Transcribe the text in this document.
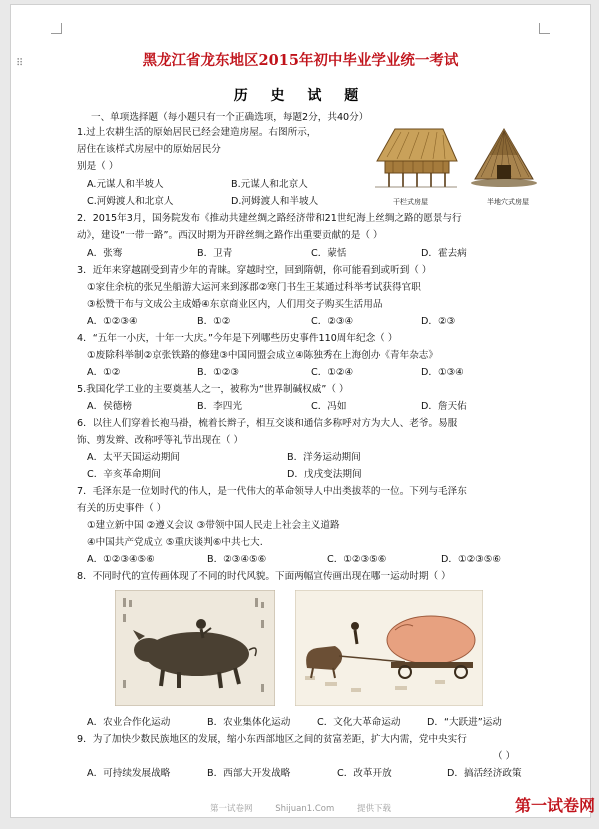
⠿	黑龙江省龙东地区2015年初中毕业学业统一考试
历 史 试 题
一、单项选择题（每小题只有一个正确选项，每题2分，共40分）
1.过上农耕生活的原始居民已经会建造房屋。右图所示，
居住在该样式房屋中的原始居民分
别是（ ）
A.元谋人和半坡人	B.元谋人和北京人
C.河姆渡人和北京人	D.河姆渡人和半坡人	干栏式房屋	半地穴式房屋
2．2015年3月，国务院发布《推动共建丝绸之路经济带和21世纪海上丝绸之路的愿景与行
动》，建设“一带一路”。西汉时期为开辟丝绸之路作出重要贡献的是（ ）
A．张骞	B．卫青	C．蒙恬	D．霍去病
3．近年来穿越剧受到青少年的青睐。穿越时空，回到隋朝，你可能看到或听到（ ）
①家住余杭的张兄坐船游大运河来到涿郡②寒门书生王某通过科举考试获得官职
③松赞干布与文成公主成婚④东京商业区内，人们用交子购买生活用品
A．①②③④	B．①②	C．②③④	D．②③
4．“五年一小庆，十年一大庆。”今年是下列哪些历史事件110周年纪念（ ）
①废除科举制②京张铁路的修建③中国同盟会成立④陈独秀在上海创办《青年杂志》
A．①②	B．①②③	C．①②④	D．①③④
5.我国化学工业的主要奠基人之一，被称为“世界制碱权威”（ ）
A．侯德榜	B．李四光	C．冯如	D．詹天佑
6．以往人们穿着长袍马褂，梳着长辫子，相互交谈和通信多称呼对方为大人、老爷。易服
饰、剪发辫、改称呼等礼节出现在（ ）
A．太平天国运动期间	B．洋务运动期间
C．辛亥革命期间	D．戊戌变法期间
7．毛泽东是一位划时代的伟人，是一代伟大的革命领导人中出类拔萃的一位。下列与毛泽东
有关的历史事件（ ）
①建立新中国 ②遵义会议 ③带领中国人民走上社会主义道路
④中国共产党成立 ⑤重庆谈判⑥中共七大.
A．①②③④⑤⑥	B．②③④⑤⑥	C．①②③⑤⑥	D．①②③⑤⑥
8．不同时代的宣传画体现了不同的时代风貌。下面两幅宣传画出现在哪一运动时期（ ）
A．农业合作化运动	B．农业集体化运动	C．文化大革命运动	D．“大跃进”运动
9．为了加快少数民族地区的发展，缩小东西部地区之间的贫富差距，扩大内需，党中央实行
（ ）
A．可持续发展战略	B．西部大开发战略	C．改革开放	D．搞活经济政策
第一试卷网	Shijuan1.Com	提供下载	第一试卷网
